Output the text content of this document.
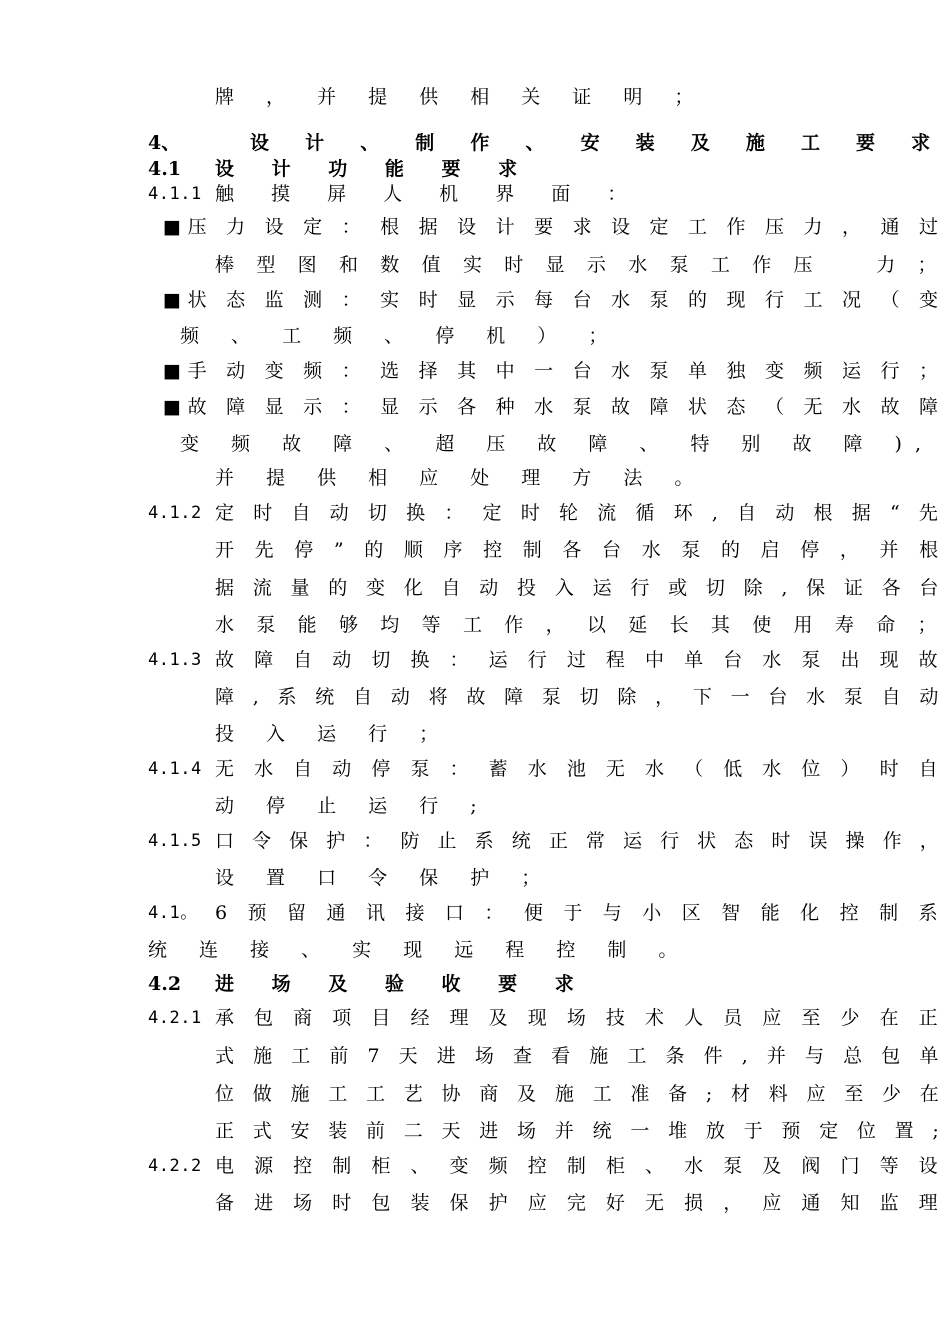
牌 ， 并 提 供 相 关 证 明 ；
4、	设 计 、 制 作 、 安 装 及 施 工 要 求
4.1 设 计 功 能 要 求
4.1.1 触 摸 屏 人 机 界 面 ：
■压 力 设 定 ： 根 据 设 计 要 求 设 定 工 作 压 力 ， 通 过
棒 型 图 和 数 值 实 时 显 示 水 泵 工 作 压 　 力 ；
■状 态 监 测 ： 实 时 显 示 每 台 水 泵 的 现 行 工 况 （ 变
频 、 工 频 、 停 机 ） ；
■手 动 变 频 ： 选 择 其 中 一 台 水 泵 单 独 变 频 运 行 ；
■故 障 显 示 ： 显 示 各 种 水 泵 故 障 状 态 （ 无 水 故 障
变 频 故 障 、 超 压 故 障 、 特 别 故 障 ),
并 提 供 相 应 处 理 方 法 。
4.1.2 定 时 自 动 切 换 ： 定 时 轮 流 循 环 , 自 动 根 据 “ 先
开 先 停 ” 的 顺 序 控 制 各 台 水 泵 的 启 停 ， 并 根
据 流 量 的 变 化 自 动 投 入 运 行 或 切 除 , 保 证 各 台
水 泵 能 够 均 等 工 作 ， 以 延 长 其 使 用 寿 命 ；
4.1.3 故 障 自 动 切 换 ： 运 行 过 程 中 单 台 水 泵 出 现 故
障 , 系 统 自 动 将 故 障 泵 切 除 ， 下 一 台 水 泵 自 动
投 入 运 行 ；
4.1.4 无 水 自 动 停 泵 ： 蓄 水 池 无 水 （ 低 水 位 ） 时 自
动 停 止 运 行 ;
4.1.5 口 令 保 护 ： 防 止 系 统 正 常 运 行 状 态 时 误 操 作 ，
设 置 口 令 保 护 ；
4.1。 6 预 留 通 讯 接 口 ： 便 于 与 小 区 智 能 化 控 制 系
统 连 接 、 实 现 远 程 控 制 。
4.2 进 场 及 验 收 要 求
4.2.1 承 包 商 项 目 经 理 及 现 场 技 术 人 员 应 至 少 在 正
式 施 工 前 7 天 进 场 查 看 施 工 条 件 , 并 与 总 包 单
位 做 施 工 工 艺 协 商 及 施 工 准 备 ; 材 料 应 至 少 在
正 式 安 装 前 二 天 进 场 并 统 一 堆 放 于 预 定 位 置 ;
4.2.2 电 源 控 制 柜 、 变 频 控 制 柜 、 水 泵 及 阀 门 等 设
备 进 场 时 包 装 保 护 应 完 好 无 损 ， 应 通 知 监 理
